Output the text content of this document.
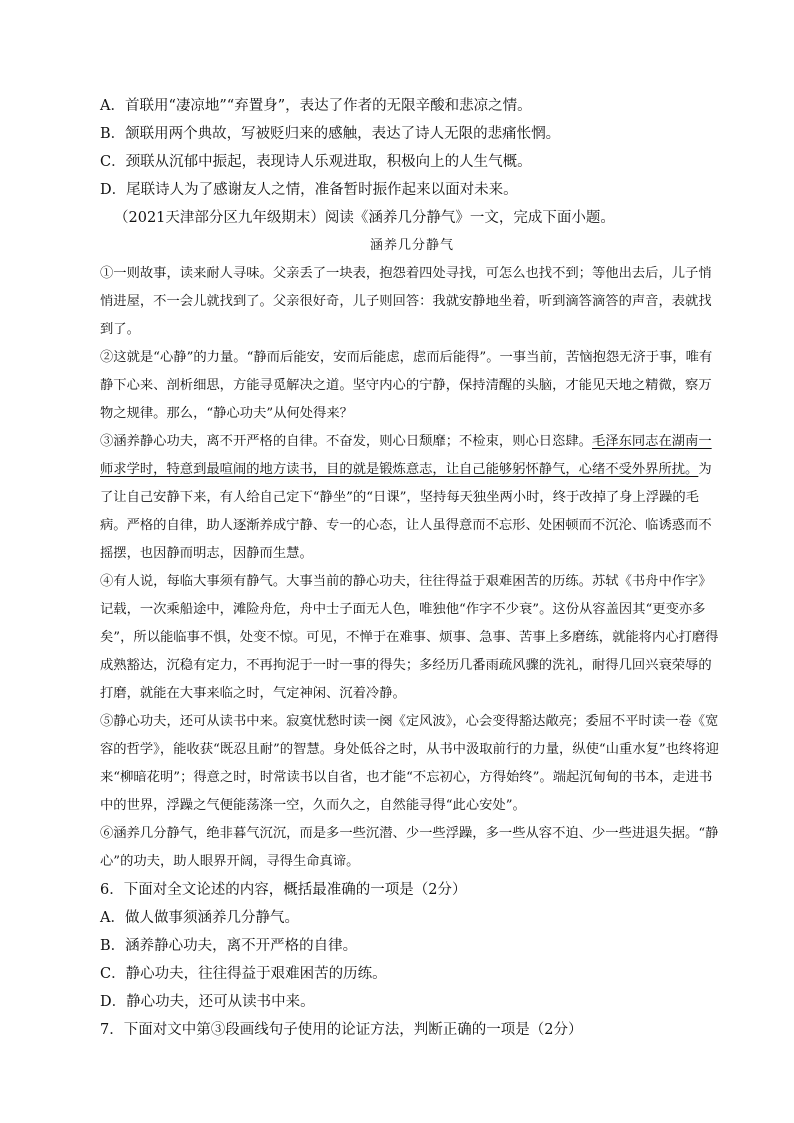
A．首联用“凄凉地”“弃置身”，表达了作者的无限辛酸和悲凉之情。
B．颔联用两个典故，写被贬归来的感触，表达了诗人无限的悲痛怅惘。
C．颈联从沉郁中振起，表现诗人乐观进取，积极向上的人生气概。
D．尾联诗人为了感谢友人之情，准备暂时振作起来以面对未来。
（2021天津部分区九年级期末）阅读《涵养几分静气》一文，完成下面小题。
涵养几分静气

①一则故事，读来耐人寻味。父亲丢了一块表，抱怨着四处寻找，可怎么也找不到；等他出去后，儿子悄悄进屋，不一会儿就找到了。父亲很好奇，儿子则回答：我就安静地坐着，听到滴答滴答的声音，表就找到了。

②这就是“心静”的力量。“静而后能安，安而后能虑，虑而后能得”。一事当前，苦恼抱怨无济于事，唯有静下心来、剖析细思，方能寻觅解决之道。坚守内心的宁静，保持清醒的头脑，才能见天地之精微，察万物之规律。那么，“静心功夫”从何处得来？

③涵养静心功夫，离不开严格的自律。不奋发，则心日颓靡；不检束，则心日恣肆。毛泽东同志在湖南一师求学时，特意到最喧闹的地方读书，目的就是锻炼意志，让自己能够躬怀静气，心绪不受外界所扰。为了让自己安静下来，有人给自己定下“静坐”的“日课”，坚持每天独坐两小时，终于改掉了身上浮躁的毛病。严格的自律，助人逐渐养成宁静、专一的心态，让人虽得意而不忘形、处困顿而不沉沦、临诱惑而不摇摆，也因静而明志，因静而生慧。

④有人说，每临大事须有静气。大事当前的静心功夫，往往得益于艰难困苦的历练。苏轼《书舟中作字》记载，一次乘船途中，滩险舟危，舟中士子面无人色，唯独他“作字不少衰”。这份从容盖因其“更变亦多矣”，所以能临事不惧，处变不惊。可见，不惮于在难事、烦事、急事、苦事上多磨练，就能将内心打磨得成熟豁达，沉稳有定力，不再拘泥于一时一事的得失；多经历几番雨疏风骤的洗礼，耐得几回兴衰荣辱的打磨，就能在大事来临之时，气定神闲、沉着冷静。

⑤静心功夫，还可从读书中来。寂寞忧愁时读一阕《定风波》，心会变得豁达敞亮；委屈不平时读一卷《宽容的哲学》，能收获“既忍且耐”的智慧。身处低谷之时，从书中汲取前行的力量，纵使“山重水复”也终将迎来“柳暗花明”；得意之时，时常读书以自省，也才能“不忘初心，方得始终”。端起沉甸甸的书本，走进书中的世界，浮躁之气便能荡涤一空，久而久之，自然能寻得“此心安处”。

⑥涵养几分静气，绝非暮气沉沉，而是多一些沉潜、少一些浮躁，多一些从容不迫、少一些进退失据。“静心”的功夫，助人眼界开阔，寻得生命真谛。

6．下面对全文论述的内容，概括最准确的一项是（2分）
A．做人做事须涵养几分静气。
B．涵养静心功夫，离不开严格的自律。
C．静心功夫，往往得益于艰难困苦的历练。
D．静心功夫，还可从读书中来。
7．下面对文中第③段画线句子使用的论证方法，判断正确的一项是（2分）
